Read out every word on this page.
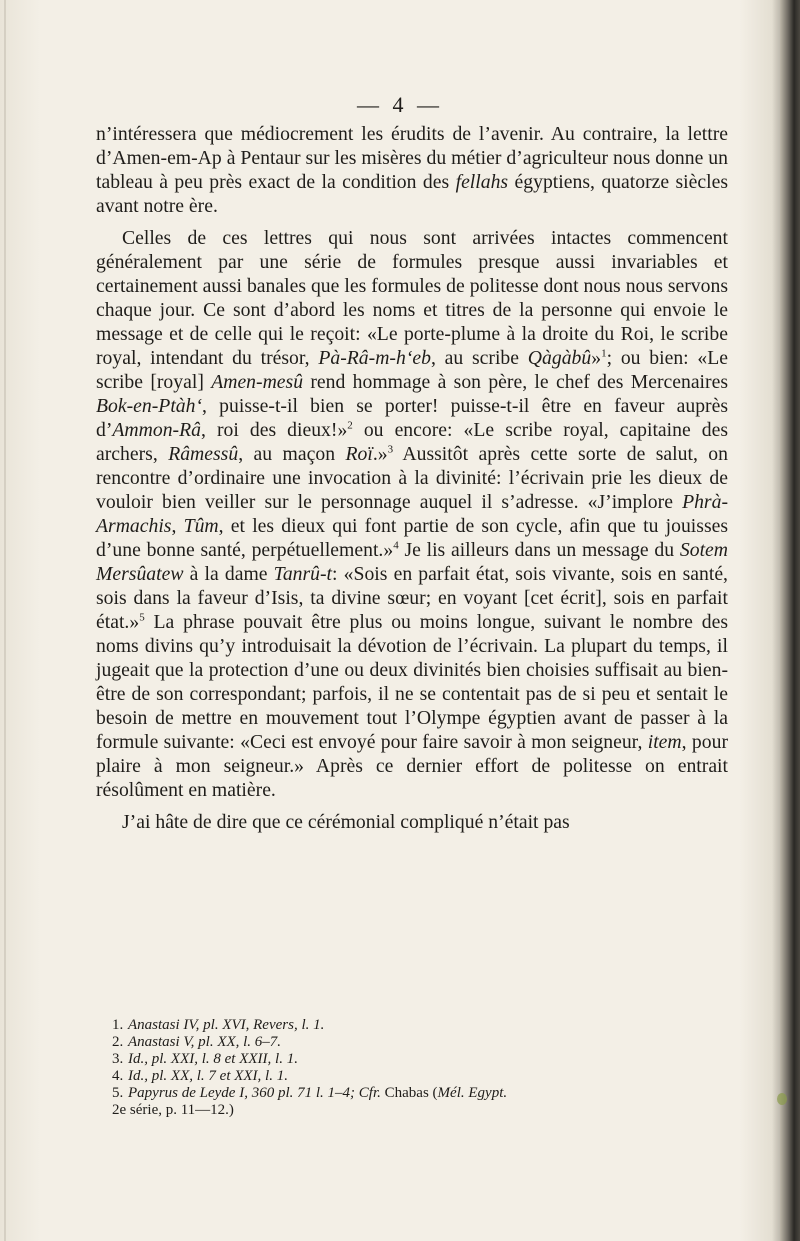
— 4 —

n’intéressera que médiocrement les érudits de l’avenir. Au contraire, la lettre d’Amen-em-Ap à Pentaur sur les misères du métier d’agriculteur nous donne un tableau à peu près exact de la condition des fellahs égyptiens, quatorze siècles avant notre ère.

Celles de ces lettres qui nous sont arrivées intactes commencent généralement par une série de formules presque aussi invariables et certainement aussi banales que les formules de politesse dont nous nous servons chaque jour. Ce sont d’abord les noms et titres de la personne qui envoie le message et de celle qui le reçoit: «Le porte-plume à la droite du Roi, le scribe royal, intendant du trésor, Pà-Râ-m-h‘eb, au scribe Qàgàbû»$^1$; ou bien: «Le scribe [royal] Amen-mesû rend hommage à son père, le chef des Mercenaires Bok-en-Ptàh‘, puisse-t-il bien se porter! puisse-t-il être en faveur auprès d’Ammon-Râ, roi des dieux!»$^2$ ou encore: «Le scribe royal, capitaine des archers, Râmessû, au maçon Roï.»$^3$ Aussitôt après cette sorte de salut, on rencontre d’ordinaire une invocation à la divinité: l’écrivain prie les dieux de vouloir bien veiller sur le personnage auquel il s’adresse. «J’implore Phrà-Armachis, Tûm, et les dieux qui font partie de son cycle, afin que tu jouisses d’une bonne santé, perpétuellement.»$^4$ Je lis ailleurs dans un message du Sotem Mersûatew à la dame Tanrû-t: «Sois en parfait état, sois vivante, sois en santé, sois dans la faveur d’Isis, ta divine sœur; en voyant [cet écrit], sois en parfait état.»$^5$ La phrase pouvait être plus ou moins longue, suivant le nombre des noms divins qu’y introduisait la dévotion de l’écrivain. La plupart du temps, il jugeait que la protection d’une ou deux divinités bien choisies suffisait au bien-être de son correspondant; parfois, il ne se contentait pas de si peu et sentait le besoin de mettre en mouvement tout l’Olympe égyptien avant de passer à la formule suivante: «Ceci est envoyé pour faire savoir à mon seigneur, item, pour plaire à mon seigneur.» Après ce dernier effort de politesse on entrait résolûment en matière.

J’ai hâte de dire que ce cérémonial compliqué n’était pas

1. Anastasi IV, pl. XVI, Revers, l. 1.
2. Anastasi V, pl. XX, l. 6–7.
3. Id., pl. XXI, l. 8 et XXII, l. 1.
4. Id., pl. XX, l. 7 et XXI, l. 1.
5. Papyrus de Leyde I, 360 pl. 71 l. 1–4; Cfr. Chabas (Mél. Egypt.
2e série, p. 11—12.)
